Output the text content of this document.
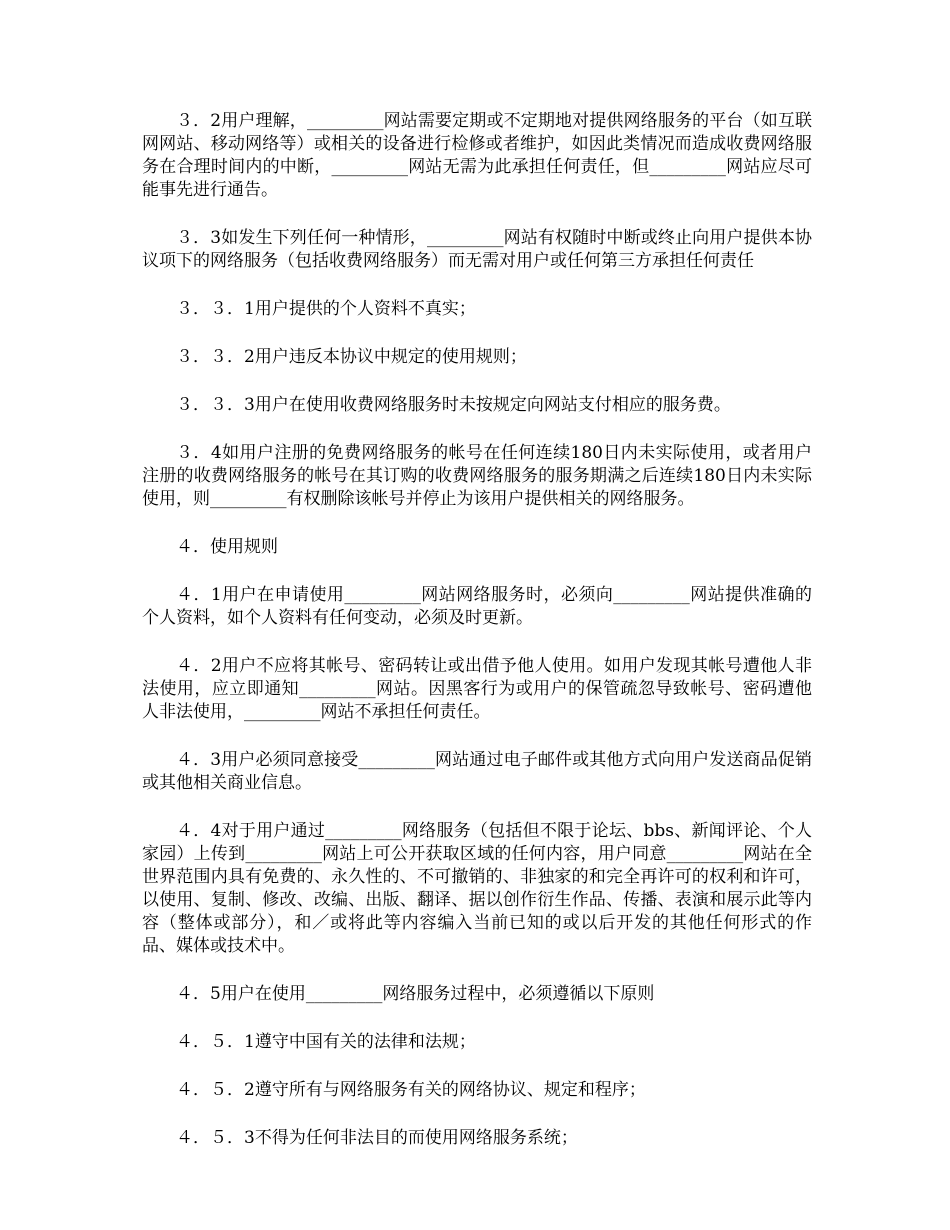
３．2用户理解，_________网站需要定期或不定期地对提供网络服务的平台（如互联网网站、移动网络等）或相关的设备进行检修或者维护，如因此类情况而造成收费网络服务在合理时间内的中断，_________网站无需为此承担任何责任，但_________网站应尽可能事先进行通告。

３．3如发生下列任何一种情形，_________网站有权随时中断或终止向用户提供本协议项下的网络服务（包括收费网络服务）而无需对用户或任何第三方承担任何责任

３．３．1用户提供的个人资料不真实；

３．３．2用户违反本协议中规定的使用规则；

３．３．3用户在使用收费网络服务时未按规定向网站支付相应的服务费。

３．4如用户注册的免费网络服务的帐号在任何连续180日内未实际使用，或者用户注册的收费网络服务的帐号在其订购的收费网络服务的服务期满之后连续180日内未实际使用，则_________有权删除该帐号并停止为该用户提供相关的网络服务。

４．使用规则

４．1用户在申请使用_________网站网络服务时，必须向_________网站提供准确的个人资料，如个人资料有任何变动，必须及时更新。

４．2用户不应将其帐号、密码转让或出借予他人使用。如用户发现其帐号遭他人非法使用，应立即通知_________网站。因黑客行为或用户的保管疏忽导致帐号、密码遭他人非法使用，_________网站不承担任何责任。

４．3用户必须同意接受_________网站通过电子邮件或其他方式向用户发送商品促销或其他相关商业信息。

４．4对于用户通过_________网络服务（包括但不限于论坛、bbs、新闻评论、个人家园）上传到_________网站上可公开获取区域的任何内容，用户同意_________网站在全世界范围内具有免费的、永久性的、不可撤销的、非独家的和完全再许可的权利和许可，以使用、复制、修改、改编、出版、翻译、据以创作衍生作品、传播、表演和展示此等内容（整体或部分），和／或将此等内容编入当前已知的或以后开发的其他任何形式的作品、媒体或技术中。

４．5用户在使用_________网络服务过程中，必须遵循以下原则

４．５．1遵守中国有关的法律和法规；

４．５．2遵守所有与网络服务有关的网络协议、规定和程序；

４．５．3不得为任何非法目的而使用网络服务系统；
